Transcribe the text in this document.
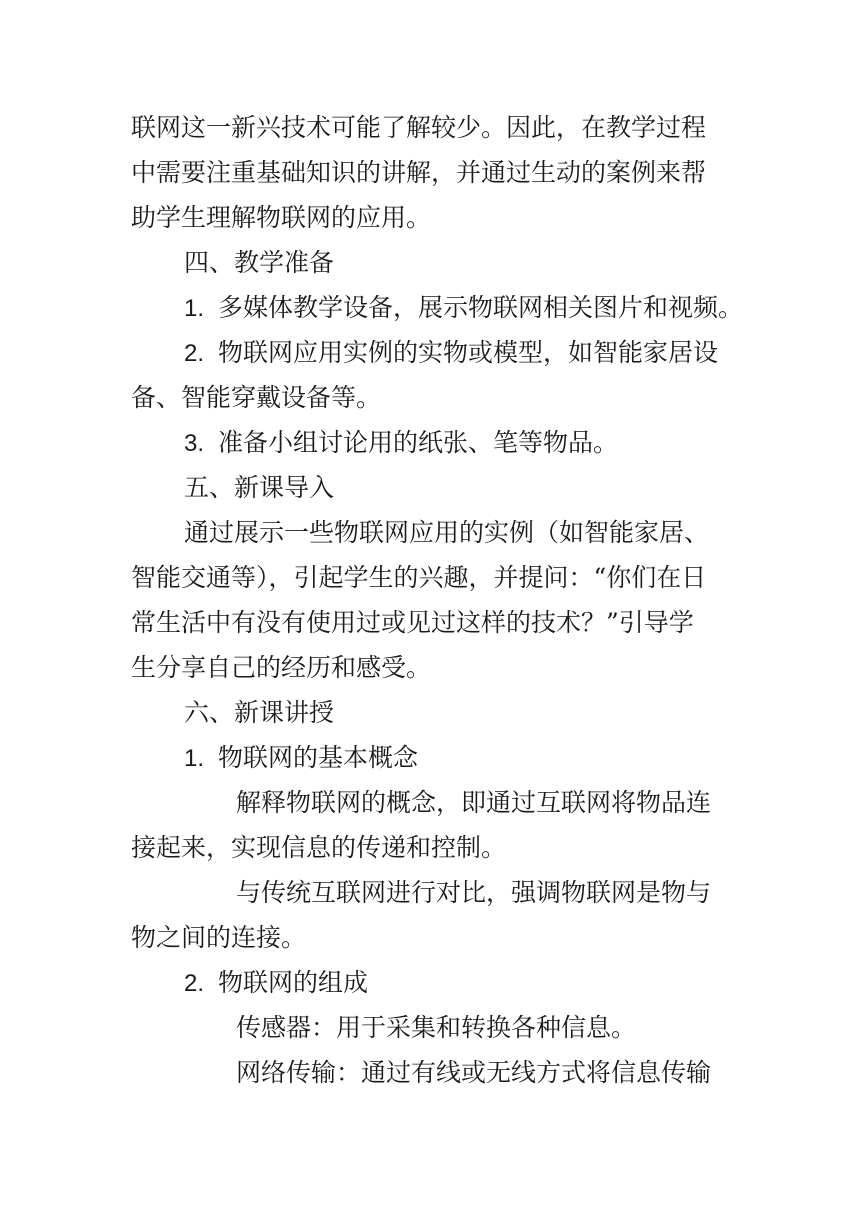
联网这一新兴技术可能了解较少。因此，在教学过程
中需要注重基础知识的讲解，并通过生动的案例来帮
助学生理解物联网的应用。
四、教学准备
1. 多媒体教学设备，展示物联网相关图片和视频。
2. 物联网应用实例的实物或模型，如智能家居设
备、智能穿戴设备等。
3. 准备小组讨论用的纸张、笔等物品。
五、新课导入
通过展示一些物联网应用的实例（如智能家居、
智能交通等），引起学生的兴趣，并提问：“你们在日
常生活中有没有使用过或见过这样的技术？”引导学
生分享自己的经历和感受。
六、新课讲授
1. 物联网的基本概念
解释物联网的概念，即通过互联网将物品连
接起来，实现信息的传递和控制。
与传统互联网进行对比，强调物联网是物与
物之间的连接。
2. 物联网的组成
传感器：用于采集和转换各种信息。
网络传输：通过有线或无线方式将信息传输
